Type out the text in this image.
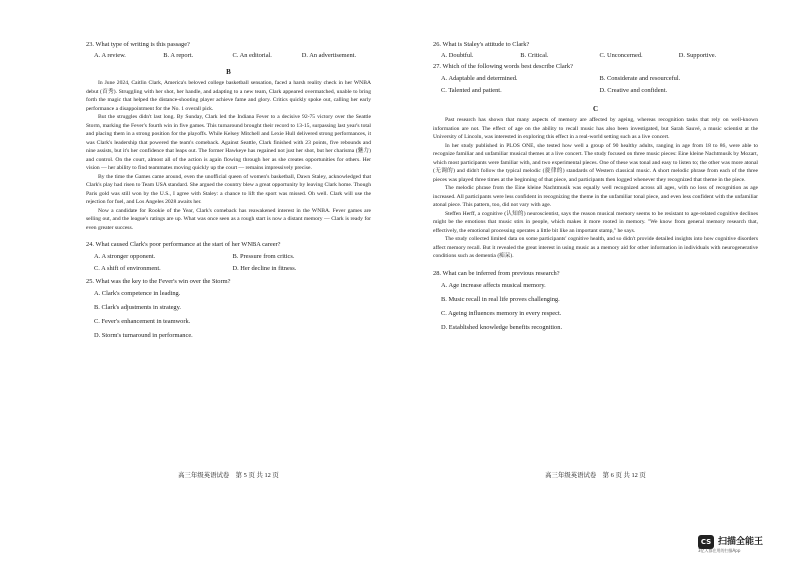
23. What type of writing is this passage?

A. A review.	B. A report.	C. An editorial.	D. An advertisement.
B

In June 2024, Caitlin Clark, America's beloved college basketball sensation, faced a harsh reality check in her WNBA debut (首秀). Struggling with her shot, her handle, and adapting to a new team, Clark appeared overmatched, unable to bring forth the magic that helped the distance-shooting player achieve fame and glory. Critics quickly spoke out, calling her early performance a disappointment for the No. 1 overall pick.

But the struggles didn't last long. By Sunday, Clark led the Indiana Fever to a decisive 92-75 victory over the Seattle Storm, marking the Fever's fourth win in five games. This turnaround brought their record to 13-15, surpassing last year's total and placing them in a strong position for the playoffs. While Kelsey Mitchell and Lexie Hull delivered strong performances, it was Clark's leadership that powered the team's comeback. Against Seattle, Clark finished with 23 points, five rebounds and nine assists, but it's her confidence that leaps out. The former Hawkeye has regained not just her shot, but her charisma (魅力) and control. On the court, almost all of the action is again flowing through her as she creates opportunities for others. Her vision — her ability to find teammates moving quickly up the court — remains impressively precise.

By the time the Games came around, even the unofficial queen of women's basketball, Dawn Staley, acknowledged that Clark's play had risen to Team USA standard. She argued the country blew a great opportunity by leaving Clark home. Though Paris gold was still won by the U.S., I agree with Staley: a chance to lift the sport was missed. Oh well. Clark will use the rejection for fuel, and Los Angeles 2028 awaits her.

Now a candidate for Rookie of the Year, Clark's comeback has reawakened interest in the WNBA. Fever games are selling out, and the league's ratings are up. What was once seen as a rough start is now a distant memory — Clark is ready for even greater success.

24. What caused Clark's poor performance at the start of her WNBA career?

A. A stronger opponent.	B. Pressure from critics.
C. A shift of environment.	D. Her decline in fitness.

25. What was the key to the Fever's win over the Storm?

A. Clark's competence in leading.
B. Clark's adjustments in strategy.
C. Fever's enhancement in teamwork.
D. Storm's turnaround in performance.
高三年级英语试卷　第 5 页 共 12 页

26. What is Staley's attitude to Clark?

A. Doubtful.	B. Critical.	C. Unconcerned.	D. Supportive.

27. Which of the following words best describe Clark?

A. Adaptable and determined.	B. Considerate and resourceful.
C. Talented and patient.	D. Creative and confident.
C

Past research has shown that many aspects of memory are affected by ageing, whereas recognition tasks that rely on well-known information are not. The effect of age on the ability to recall music has also been investigated, but Sarah Sauvé, a music scientist at the University of Lincoln, was interested in exploring this effect in a real-world setting such as a live concert.

In her study published in PLOS ONE, she tested how well a group of 90 healthy adults, ranging in age from 18 to 86, were able to recognize familiar and unfamiliar musical themes at a live concert. The study focused on three music pieces: Eine kleine Nachtmusik by Mozart, which most participants were familiar with, and two experimental pieces. One of these was tonal and easy to listen to; the other was more atonal (无调的) and didn't follow the typical melodic (旋律的) standards of Western classical music. A short melodic phrase from each of the three pieces was played three times at the beginning of that piece, and participants then logged whenever they recognized that theme in the piece.

The melodic phrase from the Eine kleine Nachtmusik was equally well recognized across all ages, with no loss of recognition as age increased. All participants were less confident in recognizing the theme in the unfamiliar tonal piece, and even less confident with the unfamiliar atonal piece. This pattern, too, did not vary with age.

Steffen Herff, a cognitive (认知的) neuroscientist, says the reason musical memory seems to be resistant to age-related cognitive declines might be the emotions that music stirs in people, which makes it more rooted in memory. "We know from general memory research that, effectively, the emotional processing operates a little bit like an important stamp," he says.

The study collected limited data on some participants' cognitive health, and so didn't provide detailed insights into how cognitive disorders affect memory recall. But it revealed the great interest in using music as a memory aid for other information in individuals with neurogenerative conditions such as dementia (痴呆).

28. What can be inferred from previous research?

A. Age increase affects musical memory.
B. Music recall in real life proves challenging.
C. Ageing influences memory in every respect.
D. Established knowledge benefits recognition.
高三年级英语试卷　第 6 页 共 12 页
CS 扫描全能王
3亿人都在用的扫描App
